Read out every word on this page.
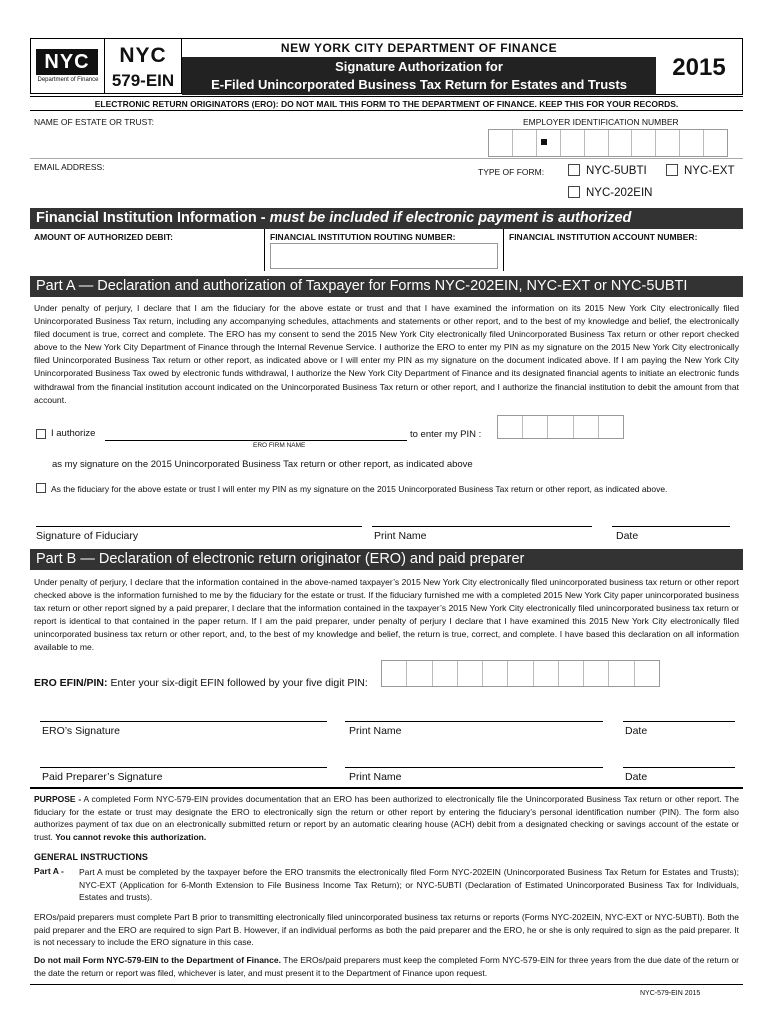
NYC
Department of Finance
NYC
579-EIN
NEW YORK CITY DEPARTMENT OF FINANCE
Signature Authorization for
E-Filed Unincorporated Business Tax Return for Estates and Trusts
2015
ELECTRONIC RETURN ORIGINATORS (ERO): DO NOT MAIL THIS FORM TO THE DEPARTMENT OF FINANCE. KEEP THIS FOR YOUR RECORDS.
NAME OF ESTATE OR TRUST:	EMPLOYER IDENTIFICATION NUMBER
EMAIL ADDRESS:	TYPE OF FORM:	NYC-5UBTI	NYC-EXT
NYC-202EIN
Financial Institution Information - must be included if electronic payment is authorized
AMOUNT OF AUTHORIZED DEBIT:	FINANCIAL INSTITUTION ROUTING NUMBER:	FINANCIAL INSTITUTION ACCOUNT NUMBER:
Part A — Declaration and authorization of Taxpayer for Forms NYC-202EIN, NYC-EXT or NYC-5UBTI
Under penalty of perjury, I declare that I am the fiduciary for the above estate or trust and that I have examined the information on its 2015 New York City electronically filed Unincorporated Business Tax return, including any accompanying schedules, attachments and statements or other report, and to the best of my knowledge and belief, the electronically filed document is true, correct and complete. The ERO has my consent to send the 2015 New York City electronically filed Unincorporated Business Tax return or other report checked above to the New York City Department of Finance through the Internal Revenue Service. I authorize the ERO to enter my PIN as my signature on the 2015 New York City electronically filed Unincorporated Business Tax return or other report, as indicated above or I will enter my PIN as my signature on the document indicated above. If I am paying the New York City Unincorporated Business Tax owed by electronic funds withdrawal, I authorize the New York City Department of Finance and its designated financial agents to initiate an electronic funds withdrawal from the financial institution account indicated on the Unincorporated Business Tax return or other report, and I authorize the financial institution to debit the amount from that account.
I authorize
ERO FIRM NAME
to enter my PIN :
as my signature on the 2015 Unincorporated Business Tax return or other report, as indicated above
As the fiduciary for the above estate or trust I will enter my PIN as my signature on the 2015 Unincorporated Business Tax return or other report, as indicated above.
Signature of Fiduciary	Print Name	Date
Part B — Declaration of electronic return originator (ERO) and paid preparer
Under penalty of perjury, I declare that the information contained in the above-named taxpayer’s 2015 New York City electronically filed unincorporated business tax return or other report checked above is the information furnished to me by the fiduciary for the estate or trust. If the fiduciary furnished me with a completed 2015 New York City paper unincorporated business tax return or other report signed by a paid preparer, I declare that the information contained in the taxpayer’s 2015 New York City electronically filed unincorporated business tax return or report is identical to that contained in the paper return. If I am the paid preparer, under penalty of perjury I declare that I have examined this 2015 New York City electronically filed unincorporated business tax return or other report, and, to the best of my knowledge and belief, the return is true, correct, and complete. I have based this declaration on all information available to me.
ERO EFIN/PIN: Enter your six-digit EFIN followed by your five digit PIN:
ERO’s Signature	Print Name	Date
Paid Preparer’s Signature	Print Name	Date
PURPOSE - A completed Form NYC-579-EIN provides documentation that an ERO has been authorized to electronically file the Unincorporated Business Tax return or other report. The fiduciary for the estate or trust may designate the ERO to electronically sign the return or other report by entering the fiduciary’s personal identification number (PIN). The form also authorizes payment of tax due on an electronically submitted return or report by an automatic clearing house (ACH) debit from a designated checking or savings account of the estate or trust. You cannot revoke this authorization.
GENERAL INSTRUCTIONS
Part A - Part A must be completed by the taxpayer before the ERO transmits the electronically filed Form NYC-202EIN (Unincorporated Business Tax Return for Estates and Trusts); NYC-EXT (Application for 6-Month Extension to File Business Income Tax Return); or NYC-5UBTI (Declaration of Estimated Unincorporated Business Tax for Individuals, Estates and trusts).
EROs/paid preparers must complete Part B prior to transmitting electronically filed unincorporated business tax returns or reports (Forms NYC-202EIN, NYC-EXT or NYC-5UBTI). Both the paid preparer and the ERO are required to sign Part B. However, if an individual performs as both the paid preparer and the ERO, he or she is only required to sign as the paid preparer. It is not necessary to include the ERO signature in this case.
Do not mail Form NYC-579-EIN to the Department of Finance. The EROs/paid preparers must keep the completed Form NYC-579-EIN for three years from the due date of the return or the date the return or report was filed, whichever is later, and must present it to the Department of Finance upon request.
NYC-579-EIN 2015
